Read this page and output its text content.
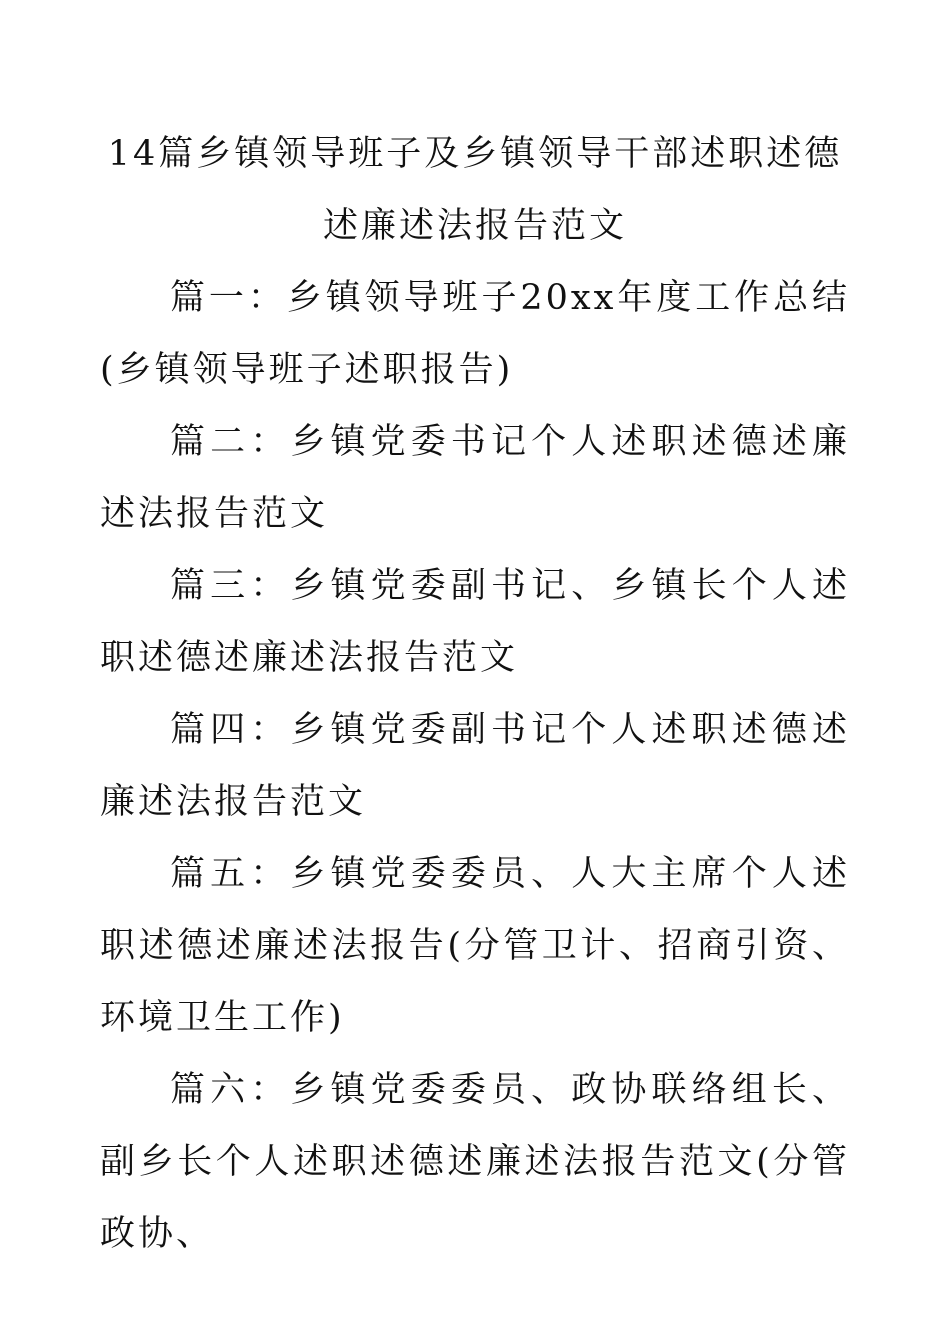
14篇乡镇领导班子及乡镇领导干部述职述德述廉述法报告范文

篇一：乡镇领导班子20xx年度工作总结(乡镇领导班子述职报告)

篇二：乡镇党委书记个人述职述德述廉述法报告范文

篇三：乡镇党委副书记、乡镇长个人述职述德述廉述法报告范文

篇四：乡镇党委副书记个人述职述德述廉述法报告范文

篇五：乡镇党委委员、人大主席个人述职述德述廉述法报告(分管卫计、招商引资、环境卫生工作)

篇六：乡镇党委委员、政协联络组长、副乡长个人述职述德述廉述法报告范文(分管政协、
